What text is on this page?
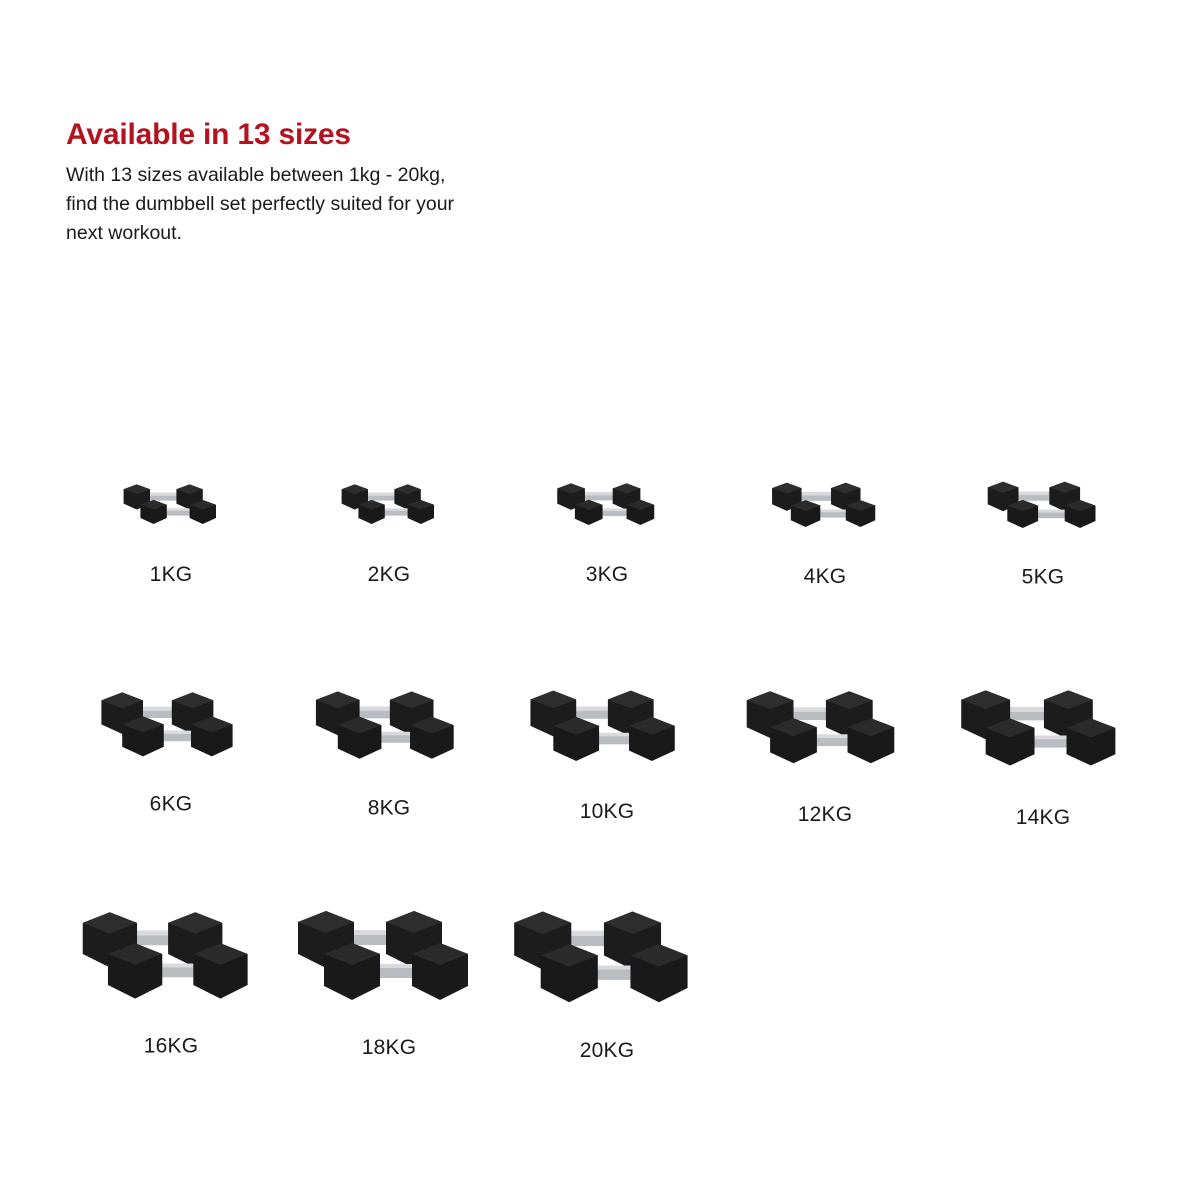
Available in 13 sizes

With 13 sizes available between 1kg - 20kg, find the dumbbell set perfectly suited for your next workout.

1KG	2KG	3KG	4KG	5KG
6KG	8KG	10KG	12KG	14KG
16KG	18KG	20KG
